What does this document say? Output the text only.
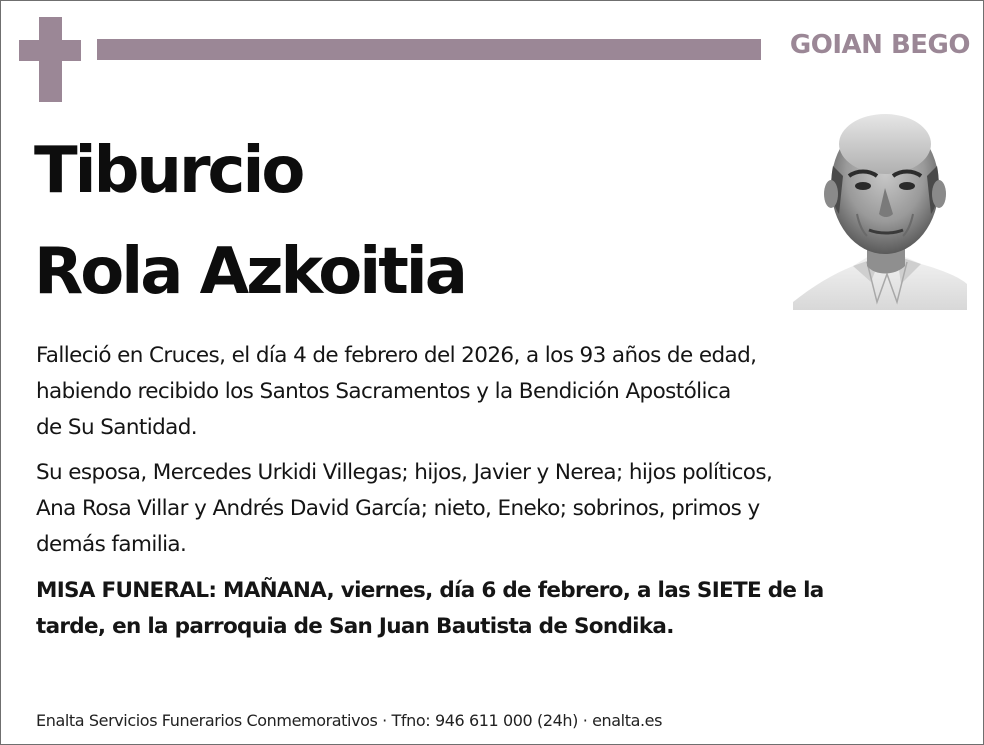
GOIAN BEGO
Tiburcio
Rola Azkoitia
Falleció en Cruces, el día 4 de febrero del 2026, a los 93 años de edad,
habiendo recibido los Santos Sacramentos y la Bendición Apostólica
de Su Santidad.
Su esposa, Mercedes Urkidi Villegas; hijos, Javier y Nerea; hijos políticos,
Ana Rosa Villar y Andrés David García; nieto, Eneko; sobrinos, primos y
demás familia.
MISA FUNERAL: MAÑANA, viernes, día 6 de febrero, a las SIETE de la
tarde, en la parroquia de San Juan Bautista de Sondika.
Enalta Servicios Funerarios Conmemorativos · Tfno: 946 611 000 (24h) · enalta.es
